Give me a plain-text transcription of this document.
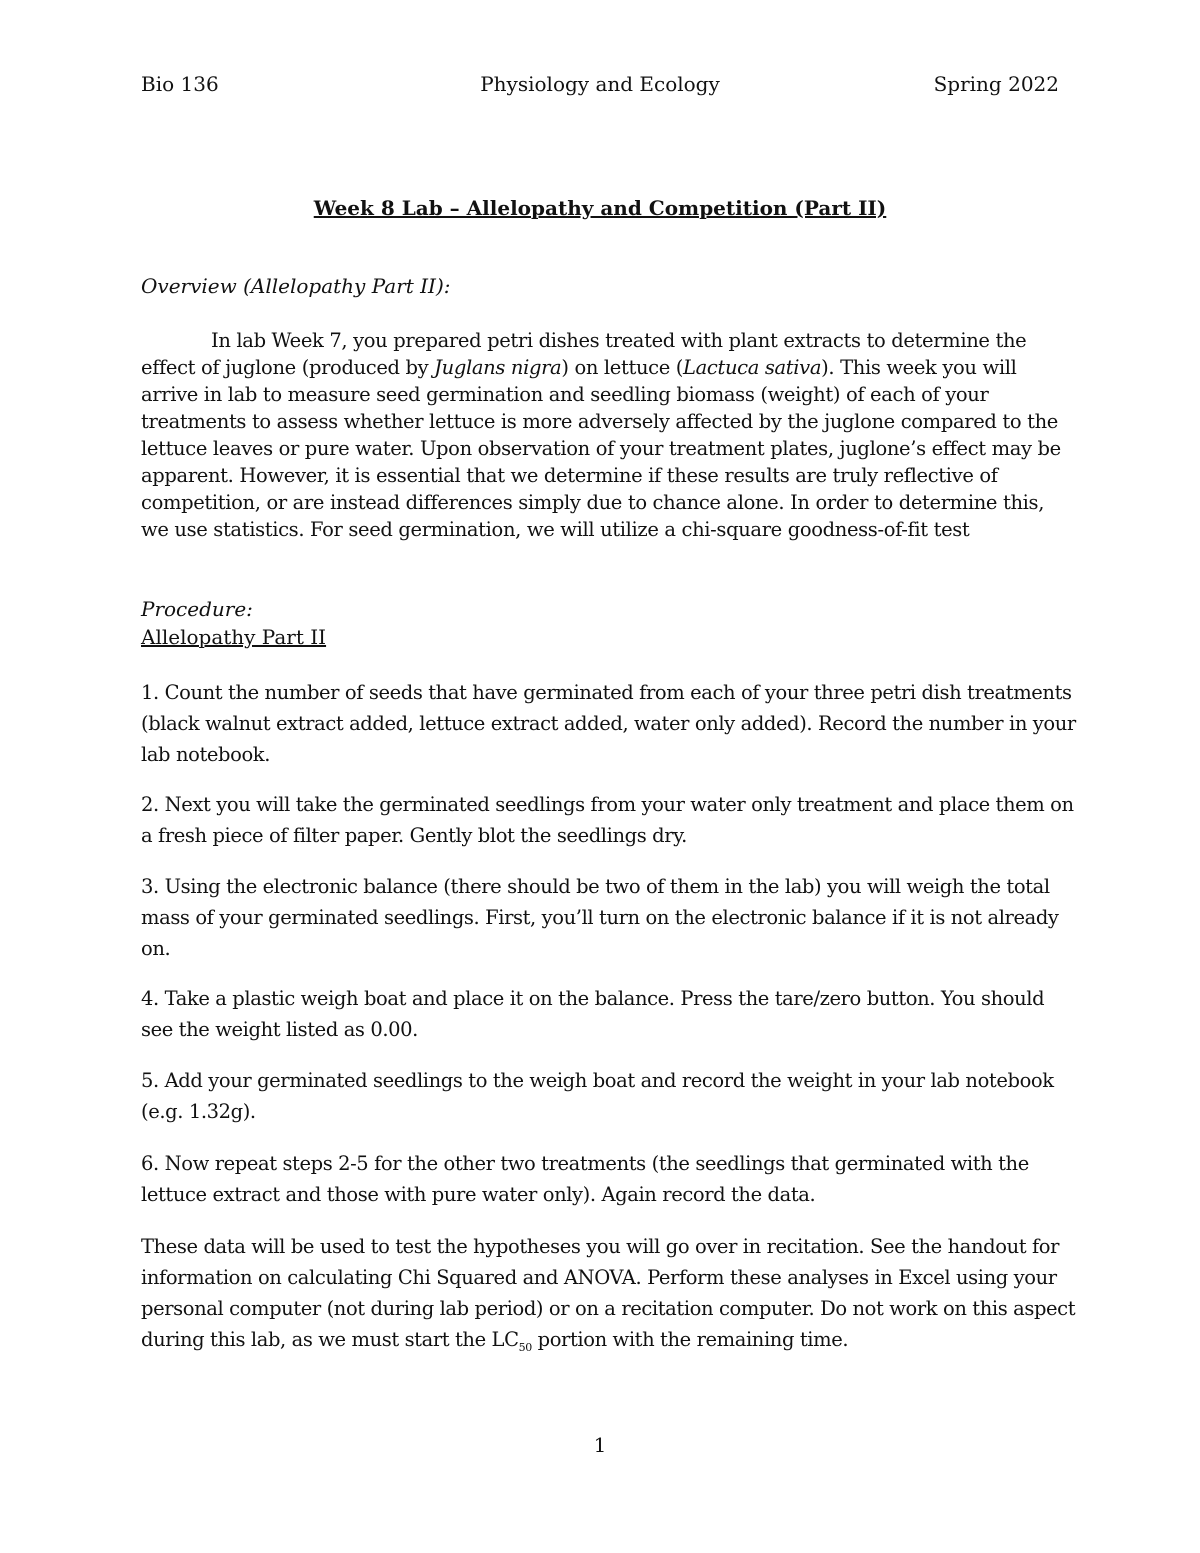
Bio 136	Physiology and Ecology	Spring 2022
Week 8 Lab – Allelopathy and Competition (Part II)
Overview (Allelopathy Part II):
In lab Week 7, you prepared petri dishes treated with plant extracts to determine the effect of juglone (produced by Juglans nigra) on lettuce (Lactuca sativa). This week you will arrive in lab to measure seed germination and seedling biomass (weight) of each of your treatments to assess whether lettuce is more adversely affected by the juglone compared to the lettuce leaves or pure water. Upon observation of your treatment plates, juglone’s effect may be apparent. However, it is essential that we determine if these results are truly reflective of competition, or are instead differences simply due to chance alone. In order to determine this, we use statistics. For seed germination, we will utilize a chi-square goodness-of-fit test
Procedure:
Allelopathy Part II
1. Count the number of seeds that have germinated from each of your three petri dish treatments (black walnut extract added, lettuce extract added, water only added). Record the number in your lab notebook.
2. Next you will take the germinated seedlings from your water only treatment and place them on a fresh piece of filter paper. Gently blot the seedlings dry.
3. Using the electronic balance (there should be two of them in the lab) you will weigh the total mass of your germinated seedlings. First, you’ll turn on the electronic balance if it is not already on.
4. Take a plastic weigh boat and place it on the balance. Press the tare/zero button. You should see the weight listed as 0.00.
5. Add your germinated seedlings to the weigh boat and record the weight in your lab notebook (e.g. 1.32g).
6. Now repeat steps 2-5 for the other two treatments (the seedlings that germinated with the lettuce extract and those with pure water only). Again record the data.
These data will be used to test the hypotheses you will go over in recitation. See the handout for information on calculating Chi Squared and ANOVA. Perform these analyses in Excel using your personal computer (not during lab period) or on a recitation computer. Do not work on this aspect during this lab, as we must start the $LC_{50}$ portion with the remaining time.
1
